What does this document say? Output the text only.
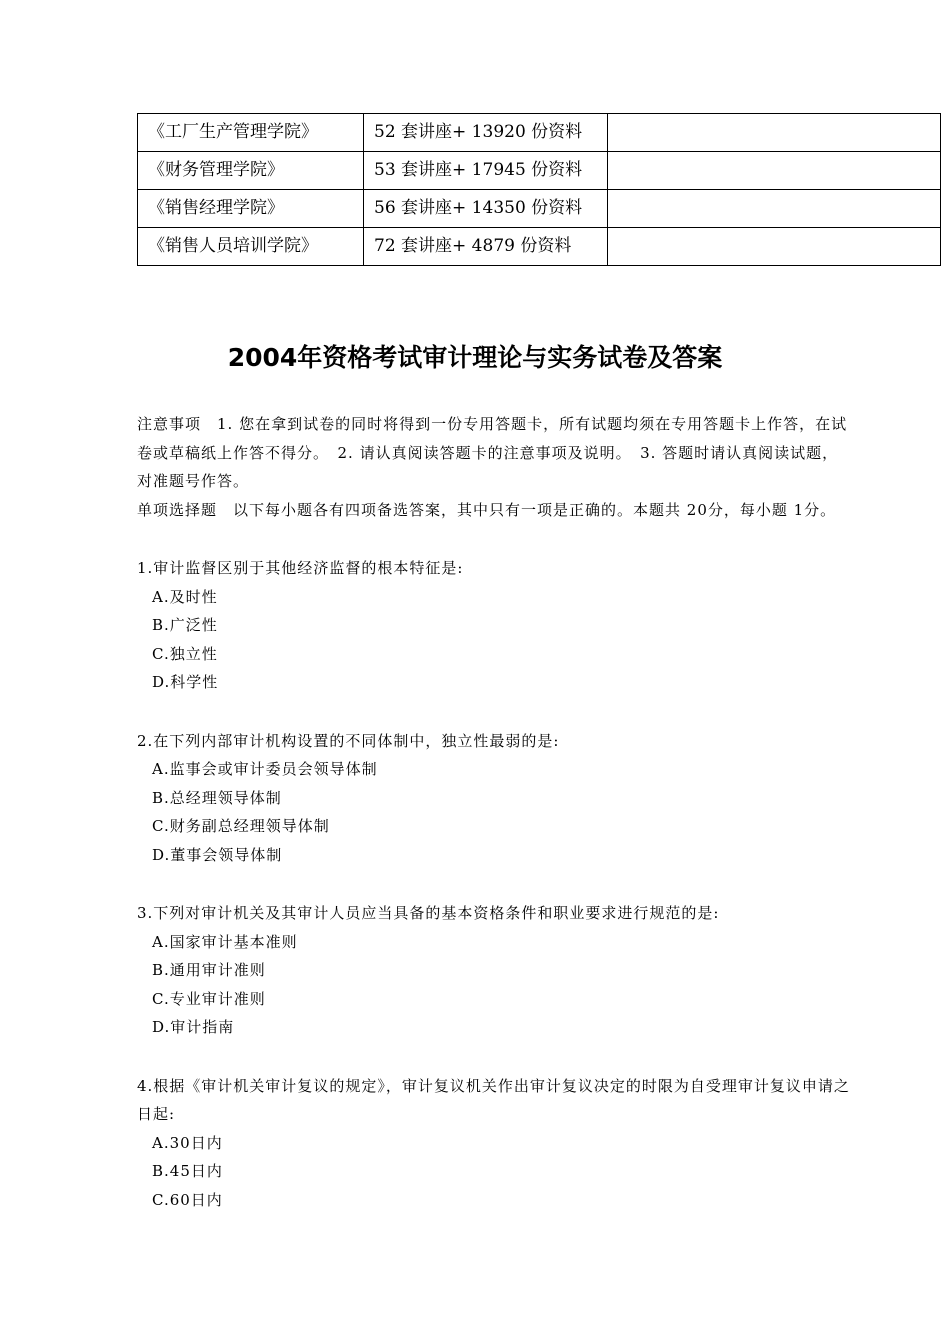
《工厂生产管理学院》	52 套讲座+ 13920 份资料	
《财务管理学院》	53 套讲座+ 17945 份资料	
《销售经理学院》	56 套讲座+ 14350 份资料	
《销售人员培训学院》	72 套讲座+ 4879 份资料	
2004年资格考试审计理论与实务试卷及答案

注意事项　1. 您在拿到试卷的同时将得到一份专用答题卡，所有试题均须在专用答题卡上作答，在试卷或草稿纸上作答不得分。　2. 请认真阅读答题卡的注意事项及说明。　3. 答题时请认真阅读试题，对准题号作答。

单项选择题　以下每小题各有四项备选答案，其中只有一项是正确的。本题共 20分，每小题 1分。

1.审计监督区别于其他经济监督的根本特征是:

A.及时性

B.广泛性

C.独立性

D.科学性

2.在下列内部审计机构设置的不同体制中，独立性最弱的是:

A.监事会或审计委员会领导体制

B.总经理领导体制

C.财务副总经理领导体制

D.董事会领导体制

3.下列对审计机关及其审计人员应当具备的基本资格条件和职业要求进行规范的是:

A.国家审计基本准则

B.通用审计准则

C.专业审计准则

D.审计指南

4.根据《审计机关审计复议的规定》，审计复议机关作出审计复议决定的时限为自受理审计复议申请之日起:

A.30日内

B.45日内

C.60日内
